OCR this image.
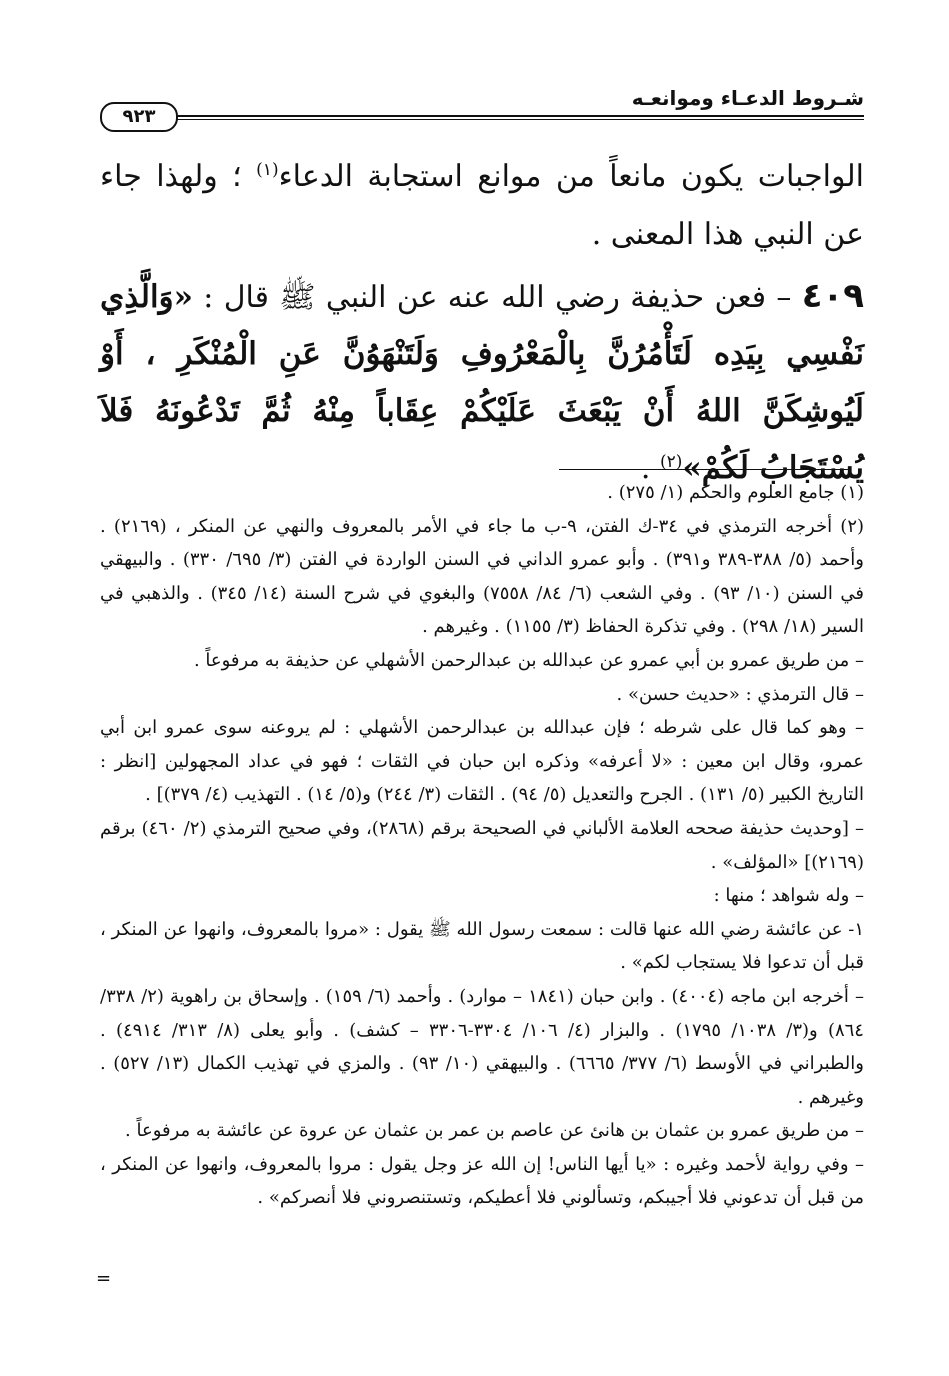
شـروط الدعـاء وموانعـه
٩٢٣

الواجبات يكون مانعاً من موانع استجابة الدعاء$^{(١)}$ ؛ ولهذا جاء عن النبي هذا المعنى .

٤٠٩ – فعن حذيفة رضي الله عنه عن النبي ﷺ قال : «وَالَّذِي نَفْسِي بِيَدِه لَتَأْمُرُنَّ بِالْمَعْرُوفِ وَلَتَنْهَوُنَّ عَنِ الْمُنْكَرِ ، أَوْ لَيُوشِكَنَّ اللهُ أَنْ يَبْعَثَ عَلَيْكُمْ عِقَاباً مِنْهُ ثُمَّ تَدْعُونَهُ فَلاَ يُسْتَجَابُ لَكُمْ»$^{(٢)}$ .

(١) جامع العلوم والحكم (١/ ٢٧٥) .

(٢) أخرجه الترمذي في ٣٤-ك الفتن، ٩-ب ما جاء في الأمر بالمعروف والنهي عن المنكر ، (٢١٦٩) . وأحمد (٥/ ٣٨٨-٣٨٩ و٣٩١) . وأبو عمرو الداني في السنن الواردة في الفتن (٣/ ٦٩٥/ ٣٣٠) . والبيهقي في السنن (١٠/ ٩٣) . وفي الشعب (٦/ ٨٤/ ٧٥٥٨) والبغوي في شرح السنة (١٤/ ٣٤٥) . والذهبي في السير (١٨/ ٢٩٨) . وفي تذكرة الحفاظ (٣/ ١١٥٥) . وغيرهم .

– من طريق عمرو بن أبي عمرو عن عبدالله بن عبدالرحمن الأشهلي عن حذيفة به مرفوعاً .

– قال الترمذي : «حديث حسن» .

– وهو كما قال على شرطه ؛ فإن عبدالله بن عبدالرحمن الأشهلي : لم يروعنه سوى عمرو ابن أبي عمرو، وقال ابن معين : «لا أعرفه» وذكره ابن حبان في الثقات ؛ فهو في عداد المجهولين [انظر : التاريخ الكبير (٥/ ١٣١) . الجرح والتعديل (٥/ ٩٤) . الثقات (٣/ ٢٤٤) و(٥/ ١٤) . التهذيب (٤/ ٣٧٩)] .

– [وحديث حذيفة صححه العلامة الألباني في الصحيحة برقم (٢٨٦٨)، وفي صحيح الترمذي (٢/ ٤٦٠) برقم (٢١٦٩)] «المؤلف» .

– وله شواهد ؛ منها :

١- عن عائشة رضي الله عنها قالت : سمعت رسول الله ﷺ يقول : «مروا بالمعروف، وانهوا عن المنكر ، قبل أن تدعوا فلا يستجاب لكم» .

– أخرجه ابن ماجه (٤٠٠٤) . وابن حبان (١٨٤١ – موارد) . وأحمد (٦/ ١٥٩) . وإسحاق بن راهوية (٢/ ٣٣٨/ ٨٦٤) و(٣/ ١٠٣٨/ ١٧٩٥) . والبزار (٤/ ١٠٦/ ٣٣٠٤-٣٣٠٦ – كشف) . وأبو يعلى (٨/ ٣١٣/ ٤٩١٤) . والطبراني في الأوسط (٦/ ٣٧٧/ ٦٦٦٥) . والبيهقي (١٠/ ٩٣) . والمزي في تهذيب الكمال (١٣/ ٥٢٧) . وغيرهم .

– من طريق عمرو بن عثمان بن هانئ عن عاصم بن عمر بن عثمان عن عروة عن عائشة به مرفوعاً .

– وفي رواية لأحمد وغيره : «يا أيها الناس! إن الله عز وجل يقول : مروا بالمعروف، وانهوا عن المنكر ، من قبل أن تدعوني فلا أجيبكم، وتسألوني فلا أعطيكم، وتستنصروني فلا أنصركم» .

=
